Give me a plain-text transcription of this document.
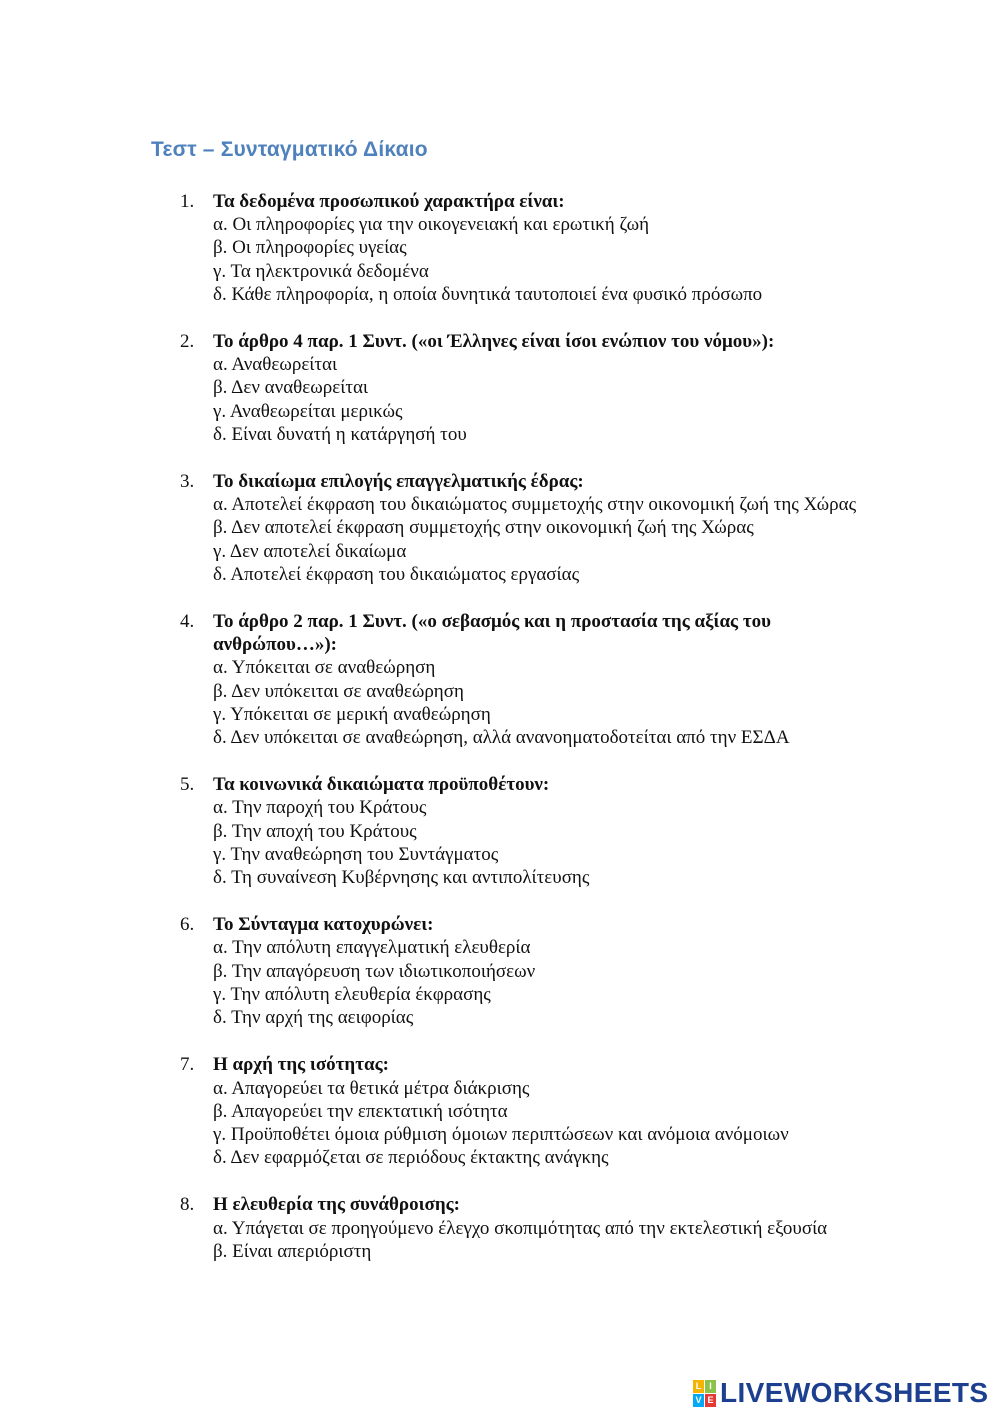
Τεστ – Συνταγματικό Δίκαιο
1. Τα δεδομένα προσωπικού χαρακτήρα είναι:
α. Οι πληροφορίες για την οικογενειακή και ερωτική ζωή
β. Οι πληροφορίες υγείας
γ. Τα ηλεκτρονικά δεδομένα
δ. Κάθε πληροφορία, η οποία δυνητικά ταυτοποιεί ένα φυσικό πρόσωπο
2. Το άρθρο 4 παρ. 1 Συντ. («οι Έλληνες είναι ίσοι ενώπιον του νόμου»):
α. Αναθεωρείται
β. Δεν αναθεωρείται
γ. Αναθεωρείται μερικώς
δ. Είναι δυνατή η κατάργησή του
3. Το δικαίωμα επιλογής επαγγελματικής έδρας:
α. Αποτελεί έκφραση του δικαιώματος συμμετοχής στην οικονομική ζωή της Χώρας
β. Δεν αποτελεί έκφραση συμμετοχής στην οικονομική ζωή της Χώρας
γ. Δεν αποτελεί δικαίωμα
δ. Αποτελεί έκφραση του δικαιώματος εργασίας
4. Το άρθρο 2 παρ. 1 Συντ. («ο σεβασμός και η προστασία της αξίας του ανθρώπου…»):
α. Υπόκειται σε αναθεώρηση
β. Δεν υπόκειται σε αναθεώρηση
γ. Υπόκειται σε μερική αναθεώρηση
δ. Δεν υπόκειται σε αναθεώρηση, αλλά ανανοηματοδοτείται από την ΕΣΔΑ
5. Τα κοινωνικά δικαιώματα προϋποθέτουν:
α. Την παροχή του Κράτους
β. Την αποχή του Κράτους
γ. Την αναθεώρηση του Συντάγματος
δ. Τη συναίνεση Κυβέρνησης και αντιπολίτευσης
6. Το Σύνταγμα κατοχυρώνει:
α. Την απόλυτη επαγγελματική ελευθερία
β. Την απαγόρευση των ιδιωτικοποιήσεων
γ. Την απόλυτη ελευθερία έκφρασης
δ. Την αρχή της αειφορίας
7. Η αρχή της ισότητας:
α. Απαγορεύει τα θετικά μέτρα διάκρισης
β. Απαγορεύει την επεκτατική ισότητα
γ. Προϋποθέτει όμοια ρύθμιση όμοιων περιπτώσεων και ανόμοια ανόμοιων
δ. Δεν εφαρμόζεται σε περιόδους έκτακτης ανάγκης
8. Η ελευθερία της συνάθροισης:
α. Υπάγεται σε προηγούμενο έλεγχο σκοπιμότητας από την εκτελεστική εξουσία
β. Είναι απεριόριστη
L I
V E LIVEWORKSHEETS
